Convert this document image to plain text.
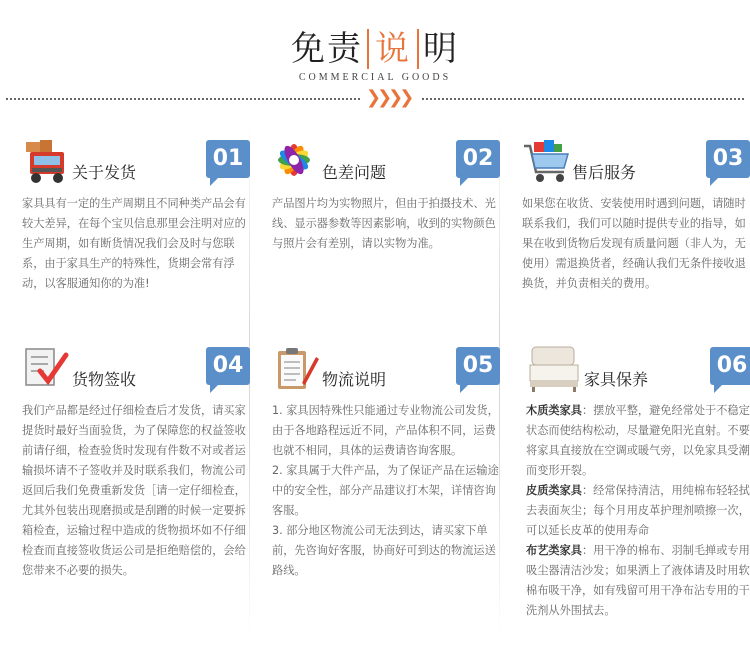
免责 说 明
COMMERCIAL GOODS
❯❯❯❯
关于发货
01

家具具有一定的生产周期且不同种类产品会有较大差异，在每个宝贝信息那里会注明对应的生产周期，如有断货情况我们会及时与您联系，由于家具生产的特殊性，货期会常有浮动，以客服通知你的为准!

色差问题
02

产品图片均为实物照片，但由于拍摄技术、光线、显示器参数等因素影响，收到的实物颜色与照片会有差别，请以实物为准。

售后服务
03

如果您在收货、安装使用时遇到问题，请随时联系我们，我们可以随时提供专业的指导，如果在收到货物后发现有质量问题（非人为，无使用）需退换货者，经确认我们无条件接收退换货，并负责相关的费用。

货物签收
04

我们产品都是经过仔细检查后才发货，请买家提货时最好当面验货，为了保障您的权益签收前请仔细，检查验货时发现有件数不对或者运输损坏请不子签收并及时联系我们，物流公司返回后我们免费重新发货［请一定仔细检查，尤其外包装出现磨损或是刮蹭的时候一定要拆箱检查，运输过程中造成的货物损坏如不仔细检查而直接签收货运公司是拒绝赔偿的，会给您带来不必要的损失。

物流说明
05

1. 家具因特殊性只能通过专业物流公司发货，由于各地路程远近不同，产品体积不同，运费也就不相同，具体的运费请咨询客服。

2. 家具属于大件产品，为了保证产品在运输途中的安全性，部分产品建议打木架，详情咨询客服。

3. 部分地区物流公司无法到达，请买家下单前，先咨询好客服，协商好可到达的物流运送路线。

家具保养
06

木质类家具：摆放平整，避免经常处于不稳定状态而使结构松动，尽量避免阳光直射。不要将家具直接放在空调或暖气旁，以免家具受潮而变形开裂。

皮质类家具：经常保持清洁，用纯棉布轻轻拭去表面灰尘；每个月用皮革护理剂喷擦一次，可以延长皮革的使用寿命

布艺类家具：用干净的棉布、羽制毛掸或专用吸尘器清洁沙发；如果洒上了液体请及时用软棉布吸干净，如有残留可用干净布沾专用的干洗剂从外围拭去。
